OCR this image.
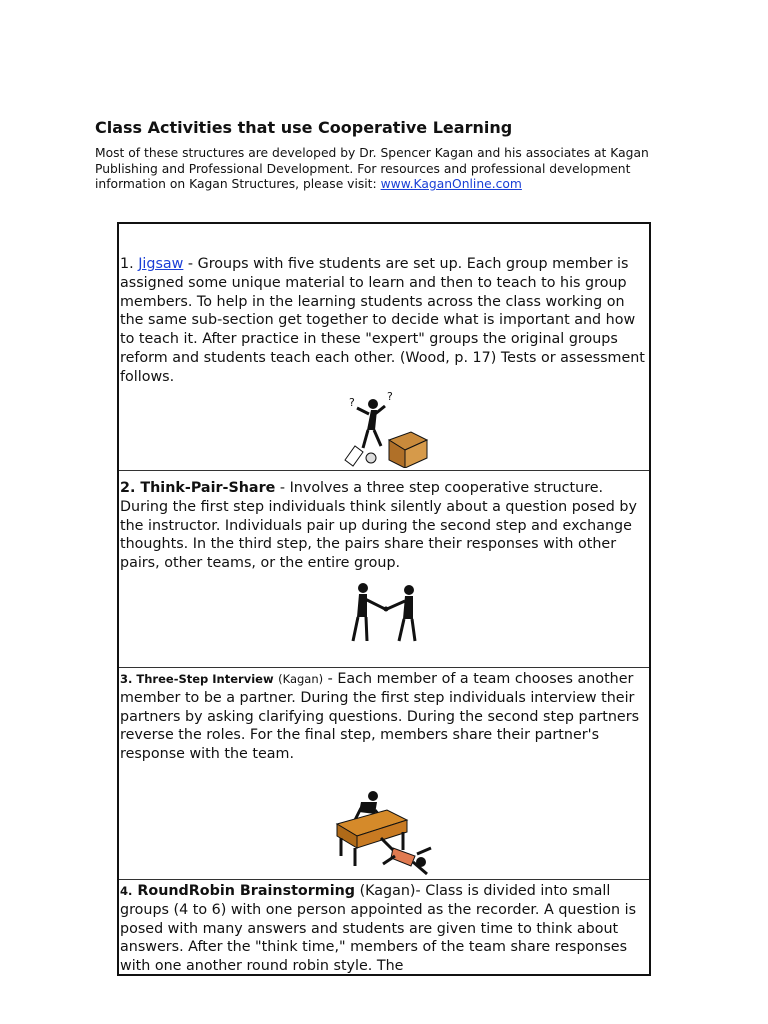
Class Activities that use Cooperative Learning

Most of these structures are developed by Dr. Spencer Kagan and his associates at Kagan Publishing and Professional Development. For resources and professional development information on Kagan Structures, please visit: www.KaganOnline.com

1. Jigsaw - Groups with five students are set up. Each group member is assigned some unique material to learn and then to teach to his group members. To help in the learning students across the class working on the same sub-section get together to decide what is important and how to teach it. After practice in these "expert" groups the original groups reform and students teach each other. (Wood, p. 17) Tests or assessment follows.

?	?

2. Think-Pair-Share - Involves a three step cooperative structure. During the first step individuals think silently about a question posed by the instructor. Individuals pair up during the second step and exchange thoughts. In the third step, the pairs share their responses with other pairs, other teams, or the entire group.

3. Three-Step Interview (Kagan) - Each member of a team chooses another member to be a partner. During the first step individuals interview their partners by asking clarifying questions. During the second step partners reverse the roles. For the final step, members share their partner's response with the team.

4. RoundRobin Brainstorming (Kagan)- Class is divided into small groups (4 to 6) with one person appointed as the recorder. A question is posed with many answers and students are given time to think about answers. After the "think time," members of the team share responses with one another round robin style. The
